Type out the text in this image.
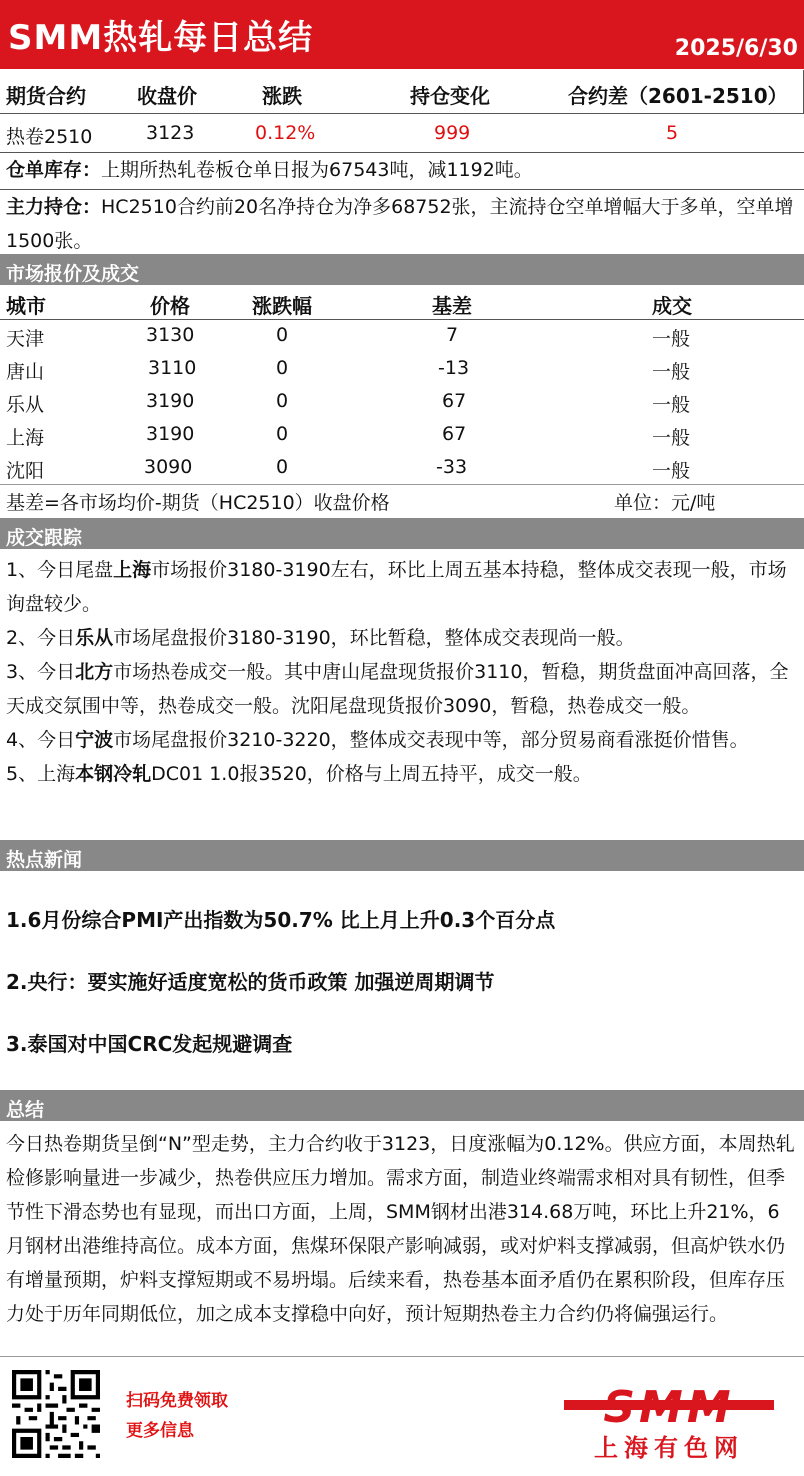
SMM热轧每日总结	2025/6/30
期货合约	收盘价	涨跌	持仓变化	合约差（2601-2510）
热卷2510	3123	0.12%	999	5
仓单库存：上期所热轧卷板仓单日报为67543吨，减1192吨。
主力持仓：HC2510合约前20名净持仓为净多68752张，主流持仓空单增幅大于多单，空单增1500张。
市场报价及成交
城市	价格	涨跌幅	基差	成交
天津	3130	0	7	一般
唐山	3110	0	-13	一般
乐从	3190	0	67	一般
上海	3190	0	67	一般
沈阳	3090	0	-33	一般
基差=各市场均价-期货（HC2510）收盘价格	单位：元/吨
成交跟踪
1、今日尾盘上海市场报价3180-3190左右，环比上周五基本持稳，整体成交表现一般，市场询盘较少。
2、今日乐从市场尾盘报价3180-3190，环比暂稳，整体成交表现尚一般。
3、今日北方市场热卷成交一般。其中唐山尾盘现货报价3110，暂稳，期货盘面冲高回落，全天成交氛围中等，热卷成交一般。沈阳尾盘现货报价3090，暂稳，热卷成交一般。
4、今日宁波市场尾盘报价3210-3220，整体成交表现中等，部分贸易商看涨挺价惜售。
5、上海本钢冷轧DC01 1.0报3520，价格与上周五持平，成交一般。
热点新闻
1.6月份综合PMI产出指数为50.7% 比上月上升0.3个百分点
2.央行：要实施好适度宽松的货币政策 加强逆周期调节
3.泰国对中国CRC发起规避调查
总结
今日热卷期货呈倒“N”型走势，主力合约收于3123，日度涨幅为0.12%。供应方面，本周热轧检修影响量进一步减少，热卷供应压力增加。需求方面，制造业终端需求相对具有韧性，但季节性下滑态势也有显现，而出口方面，上周，SMM钢材出港314.68万吨，环比上升21%，6月钢材出港维持高位。成本方面，焦煤环保限产影响减弱，或对炉料支撑减弱，但高炉铁水仍有增量预期，炉料支撑短期或不易坍塌。后续来看，热卷基本面矛盾仍在累积阶段，但库存压力处于历年同期低位，加之成本支撑稳中向好，预计短期热卷主力合约仍将偏强运行。
扫码免费领取
更多信息	SMM
上海有色网
